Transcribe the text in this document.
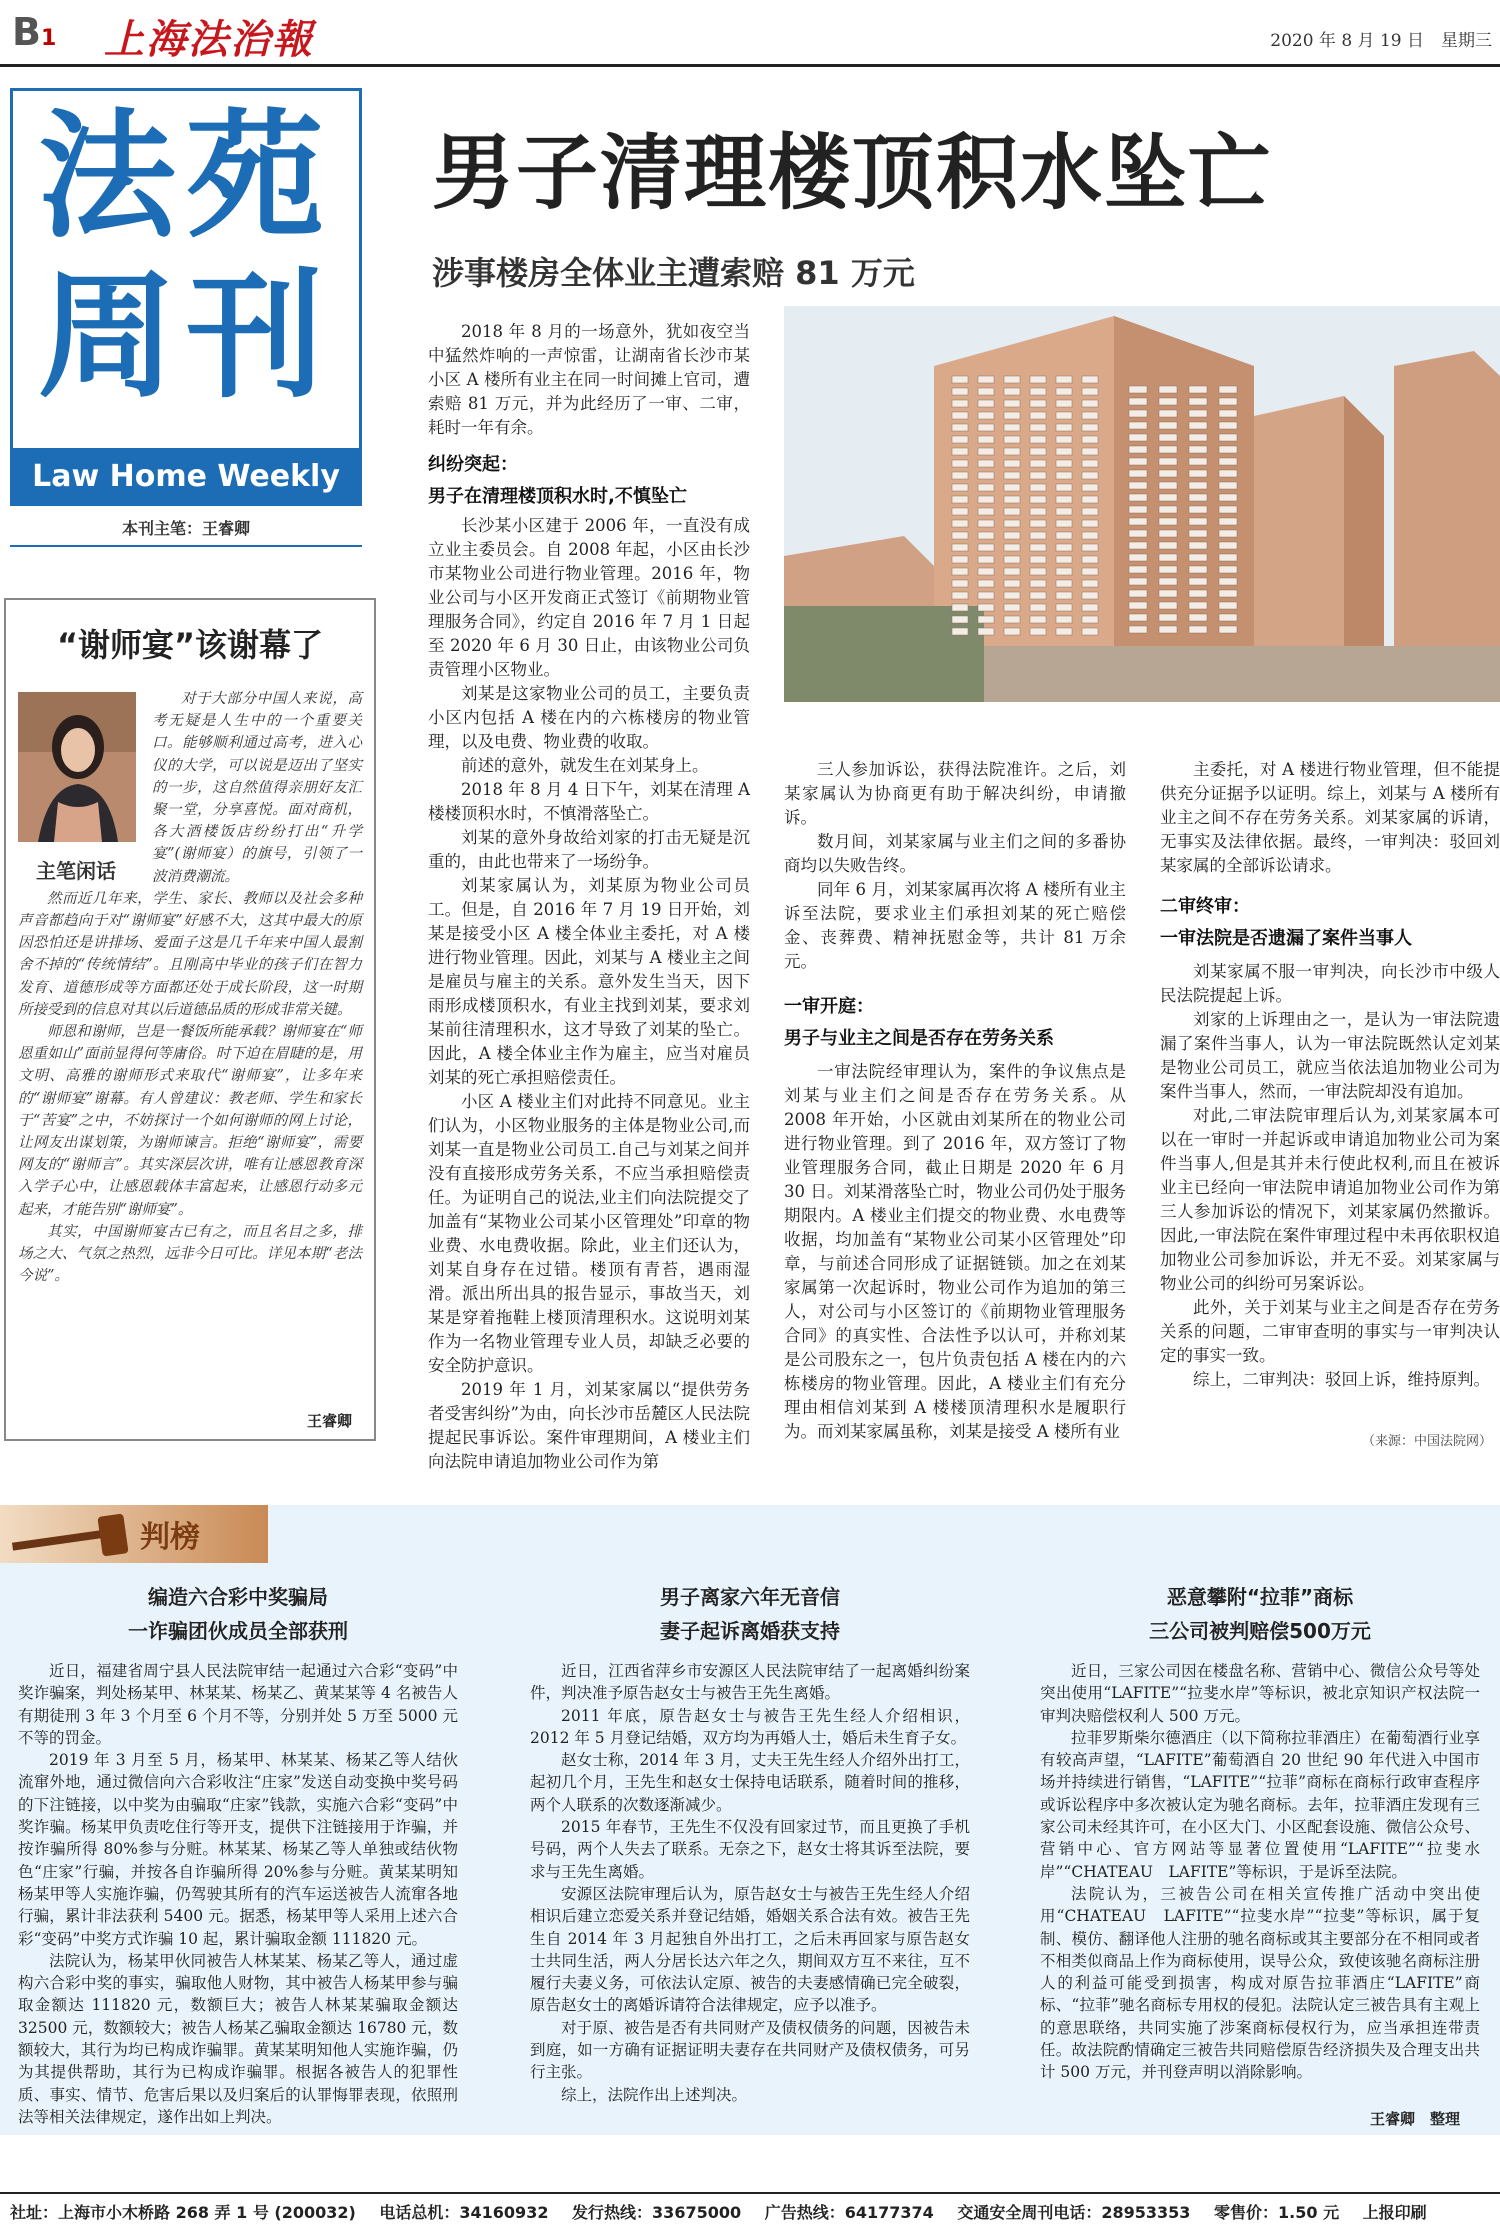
B1 上海法治報	2020 年 8 月 19 日　星期三
法苑
周刊
Law Home Weekly
本刊主笔：王睿卿
男子清理楼顶积水坠亡
涉事楼房全体业主遭索赔 81 万元

2018 年 8 月的一场意外，犹如夜空当中猛然炸响的一声惊雷，让湖南省长沙市某小区 A 楼所有业主在同一时间摊上官司，遭索赔 81 万元，并为此经历了一审、二审，耗时一年有余。

纠纷突起：
男子在清理楼顶积水时,不慎坠亡

长沙某小区建于 2006 年，一直没有成立业主委员会。自 2008 年起，小区由长沙市某物业公司进行物业管理。2016 年，物业公司与小区开发商正式签订《前期物业管理服务合同》，约定自 2016 年 7 月 1 日起至 2020 年 6 月 30 日止，由该物业公司负责管理小区物业。

刘某是这家物业公司的员工，主要负责小区内包括 A 楼在内的六栋楼房的物业管理，以及电费、物业费的收取。

前述的意外，就发生在刘某身上。

2018 年 8 月 4 日下午，刘某在清理 A 楼楼顶积水时，不慎滑落坠亡。

刘某的意外身故给刘家的打击无疑是沉重的，由此也带来了一场纷争。

刘某家属认为，刘某原为物业公司员工。但是，自 2016 年 7 月 19 日开始，刘某是接受小区 A 楼全体业主委托，对 A 楼进行物业管理。因此，刘某与 A 楼业主之间是雇员与雇主的关系。意外发生当天，因下雨形成楼顶积水，有业主找到刘某，要求刘某前往清理积水，这才导致了刘某的坠亡。因此，A 楼全体业主作为雇主，应当对雇员刘某的死亡承担赔偿责任。

小区 A 楼业主们对此持不同意见。业主们认为，小区物业服务的主体是物业公司,而刘某一直是物业公司员工.自己与刘某之间并没有直接形成劳务关系，不应当承担赔偿责任。为证明自己的说法,业主们向法院提交了加盖有“某物业公司某小区管理处”印章的物业费、水电费收据。除此，业主们还认为，刘某自身存在过错。楼顶有青苔，遇雨湿滑。派出所出具的报告显示，事故当天，刘某是穿着拖鞋上楼顶清理积水。这说明刘某作为一名物业管理专业人员，却缺乏必要的安全防护意识。

2019 年 1 月，刘某家属以“提供劳务者受害纠纷”为由，向长沙市岳麓区人民法院提起民事诉讼。案件审理期间，A 楼业主们向法院申请追加物业公司作为第

三人参加诉讼，获得法院准许。之后，刘某家属认为协商更有助于解决纠纷，申请撤诉。

数月间，刘某家属与业主们之间的多番协商均以失败告终。

同年 6 月，刘某家属再次将 A 楼所有业主诉至法院，要求业主们承担刘某的死亡赔偿金、丧葬费、精神抚慰金等，共计 81 万余元。

一审开庭：
男子与业主之间是否存在劳务关系

一审法院经审理认为，案件的争议焦点是刘某与业主们之间是否存在劳务关系。从 2008 年开始，小区就由刘某所在的物业公司进行物业管理。到了 2016 年，双方签订了物业管理服务合同，截止日期是 2020 年 6 月 30 日。刘某滑落坠亡时，物业公司仍处于服务期限内。A 楼业主们提交的物业费、水电费等收据，均加盖有“某物业公司某小区管理处”印章，与前述合同形成了证据链锁。加之在刘某家属第一次起诉时，物业公司作为追加的第三人，对公司与小区签订的《前期物业管理服务合同》的真实性、合法性予以认可，并称刘某是公司股东之一，包片负责包括 A 楼在内的六栋楼房的物业管理。因此，A 楼业主们有充分理由相信刘某到 A 楼楼顶清理积水是履职行为。而刘某家属虽称，刘某是接受 A 楼所有业

主委托，对 A 楼进行物业管理，但不能提供充分证据予以证明。综上，刘某与 A 楼所有业主之间不存在劳务关系。刘某家属的诉请，无事实及法律依据。最终，一审判决：驳回刘某家属的全部诉讼请求。

二审终审：
一审法院是否遗漏了案件当事人

刘某家属不服一审判决，向长沙市中级人民法院提起上诉。

刘家的上诉理由之一，是认为一审法院遗漏了案件当事人，认为一审法院既然认定刘某是物业公司员工，就应当依法追加物业公司为案件当事人，然而，一审法院却没有追加。

对此,二审法院审理后认为,刘某家属本可以在一审时一并起诉或申请追加物业公司为案件当事人,但是其并未行使此权利,而且在被诉业主已经向一审法院申请追加物业公司作为第三人参加诉讼的情况下，刘某家属仍然撤诉。因此,一审法院在案件审理过程中未再依职权追加物业公司参加诉讼，并无不妥。刘某家属与物业公司的纠纷可另案诉讼。

此外，关于刘某与业主之间是否存在劳务关系的问题，二审审查明的事实与一审判决认定的事实一致。

综上，二审判决：驳回上诉，维持原判。

（来源：中国法院网）
“谢师宴”该谢幕了

对于大部分中国人来说，高考无疑是人生中的一个重要关口。能够顺利通过高考，进入心仪的大学，可以说是迈出了坚实的一步，这自然值得亲朋好友汇聚一堂，分享喜悦。面对商机，各大酒楼饭店纷纷打出“升学宴”(谢师宴）的旗号，引领了一波消费潮流。

然而近几年来，学生、家长、教师以及社会多种声音都趋向于对“谢师宴”好感不大，这其中最大的原因恐怕还是讲排场、爱面子这是几千年来中国人最割舍不掉的“传统情结”。且刚高中毕业的孩子们在智力发育、道德形成等方面都还处于成长阶段，这一时期所接受到的信息对其以后道德品质的形成非常关键。

师恩和谢师，岂是一餐饭所能承载？谢师宴在“师恩重如山”面前显得何等庸俗。时下迫在眉睫的是，用文明、高雅的谢师形式来取代“谢师宴”，让多年来的“谢师宴”谢幕。有人曾建议：教老师、学生和家长于“苦宴”之中，不妨探讨一个如何谢师的网上讨论，让网友出谋划策，为谢师谏言。拒绝“谢师宴”，需要网友的“谢师言”。其实深层次讲，唯有让感恩教育深入学子心中，让感恩载体丰富起来，让感恩行动多元起来，才能告别“谢师宴”。

其实，中国谢师宴古已有之，而且名目之多，排场之大、气氛之热烈，远非今日可比。详见本期“老法今说”。

主笔闲话
王睿卿
判榜
编造六合彩中奖骗局
一诈骗团伙成员全部获刑

近日，福建省周宁县人民法院审结一起通过六合彩“变码”中奖诈骗案，判处杨某甲、林某某、杨某乙、黄某某等 4 名被告人有期徒刑 3 年 3 个月至 6 个月不等，分别并处 5 万至 5000 元不等的罚金。

2019 年 3 月至 5 月，杨某甲、林某某、杨某乙等人结伙流窜外地，通过微信向六合彩收注“庄家”发送自动变换中奖号码的下注链接，以中奖为由骗取“庄家”钱款，实施六合彩“变码”中奖诈骗。杨某甲负责吃住行等开支，提供下注链接用于诈骗，并按诈骗所得 80%参与分赃。林某某、杨某乙等人单独或结伙物色“庄家”行骗，并按各自诈骗所得 20%参与分赃。黄某某明知杨某甲等人实施诈骗，仍驾驶其所有的汽车运送被告人流窜各地行骗，累计非法获利 5400 元。据悉，杨某甲等人采用上述六合彩“变码”中奖方式诈骗 10 起，累计骗取金额 111820 元。

法院认为，杨某甲伙同被告人林某某、杨某乙等人，通过虚构六合彩中奖的事实，骗取他人财物，其中被告人杨某甲参与骗取金额达 111820 元，数额巨大；被告人林某某骗取金额达 32500 元，数额较大；被告人杨某乙骗取金额达 16780 元，数额较大，其行为均已构成诈骗罪。黄某某明知他人实施诈骗，仍为其提供帮助，其行为已构成诈骗罪。根据各被告人的犯罪性质、事实、情节、危害后果以及归案后的认罪悔罪表现，依照刑法等相关法律规定，遂作出如上判决。

男子离家六年无音信
妻子起诉离婚获支持

近日，江西省萍乡市安源区人民法院审结了一起离婚纠纷案件，判决准予原告赵女士与被告王先生离婚。

2011 年底，原告赵女士与被告王先生经人介绍相识，2012 年 5 月登记结婚，双方均为再婚人士，婚后未生育子女。

赵女士称，2014 年 3 月，丈夫王先生经人介绍外出打工，起初几个月，王先生和赵女士保持电话联系，随着时间的推移，两个人联系的次数逐渐减少。

2015 年春节，王先生不仅没有回家过节，而且更换了手机号码，两个人失去了联系。无奈之下，赵女士将其诉至法院，要求与王先生离婚。

安源区法院审理后认为，原告赵女士与被告王先生经人介绍相识后建立恋爱关系并登记结婚，婚姻关系合法有效。被告王先生自 2014 年 3 月起独自外出打工，之后未再回家与原告赵女士共同生活，两人分居长达六年之久，期间双方互不来往，互不履行夫妻义务，可依法认定原、被告的夫妻感情确已完全破裂，原告赵女士的离婚诉请符合法律规定，应予以准予。

对于原、被告是否有共同财产及债权债务的问题，因被告未到庭，如一方确有证据证明夫妻存在共同财产及债权债务，可另行主张。

综上，法院作出上述判决。

恶意攀附“拉菲”商标
三公司被判赔偿500万元

近日，三家公司因在楼盘名称、营销中心、微信公众号等处突出使用“LAFITE”“拉斐水岸”等标识，被北京知识产权法院一审判决赔偿权利人 500 万元。

拉菲罗斯柴尔德酒庄（以下简称拉菲酒庄）在葡萄酒行业享有较高声望，“LAFITE”葡萄酒自 20 世纪 90 年代进入中国市场并持续进行销售，“LAFITE”“拉菲”商标在商标行政审查程序或诉讼程序中多次被认定为驰名商标。去年，拉菲酒庄发现有三家公司未经其许可，在小区大门、小区配套设施、微信公众号、营销中心、官方网站等显著位置使用“LAFITE”“拉斐水岸”“CHATEAU　LAFITE”等标识，于是诉至法院。

法院认为，三被告公司在相关宣传推广活动中突出使用“CHATEAU　LAFITE”“拉斐水岸”“拉斐”等标识，属于复制、模仿、翻译他人注册的驰名商标或其主要部分在不相同或者不相类似商品上作为商标使用，误导公众，致使该驰名商标注册人的利益可能受到损害，构成对原告拉菲酒庄“LAFITE”商标、“拉菲”驰名商标专用权的侵犯。法院认定三被告具有主观上的意思联络，共同实施了涉案商标侵权行为，应当承担连带责任。故法院酌情确定三被告共同赔偿原告经济损失及合理支出共计 500 万元，并刊登声明以消除影响。

王睿卿　整理
社址：上海市小木桥路 268 弄 1 号 (200032) 电话总机：34160932 发行热线：33675000 广告热线：64177374 交通安全周刊电话：28953353 零售价：1.50 元 上报印刷
